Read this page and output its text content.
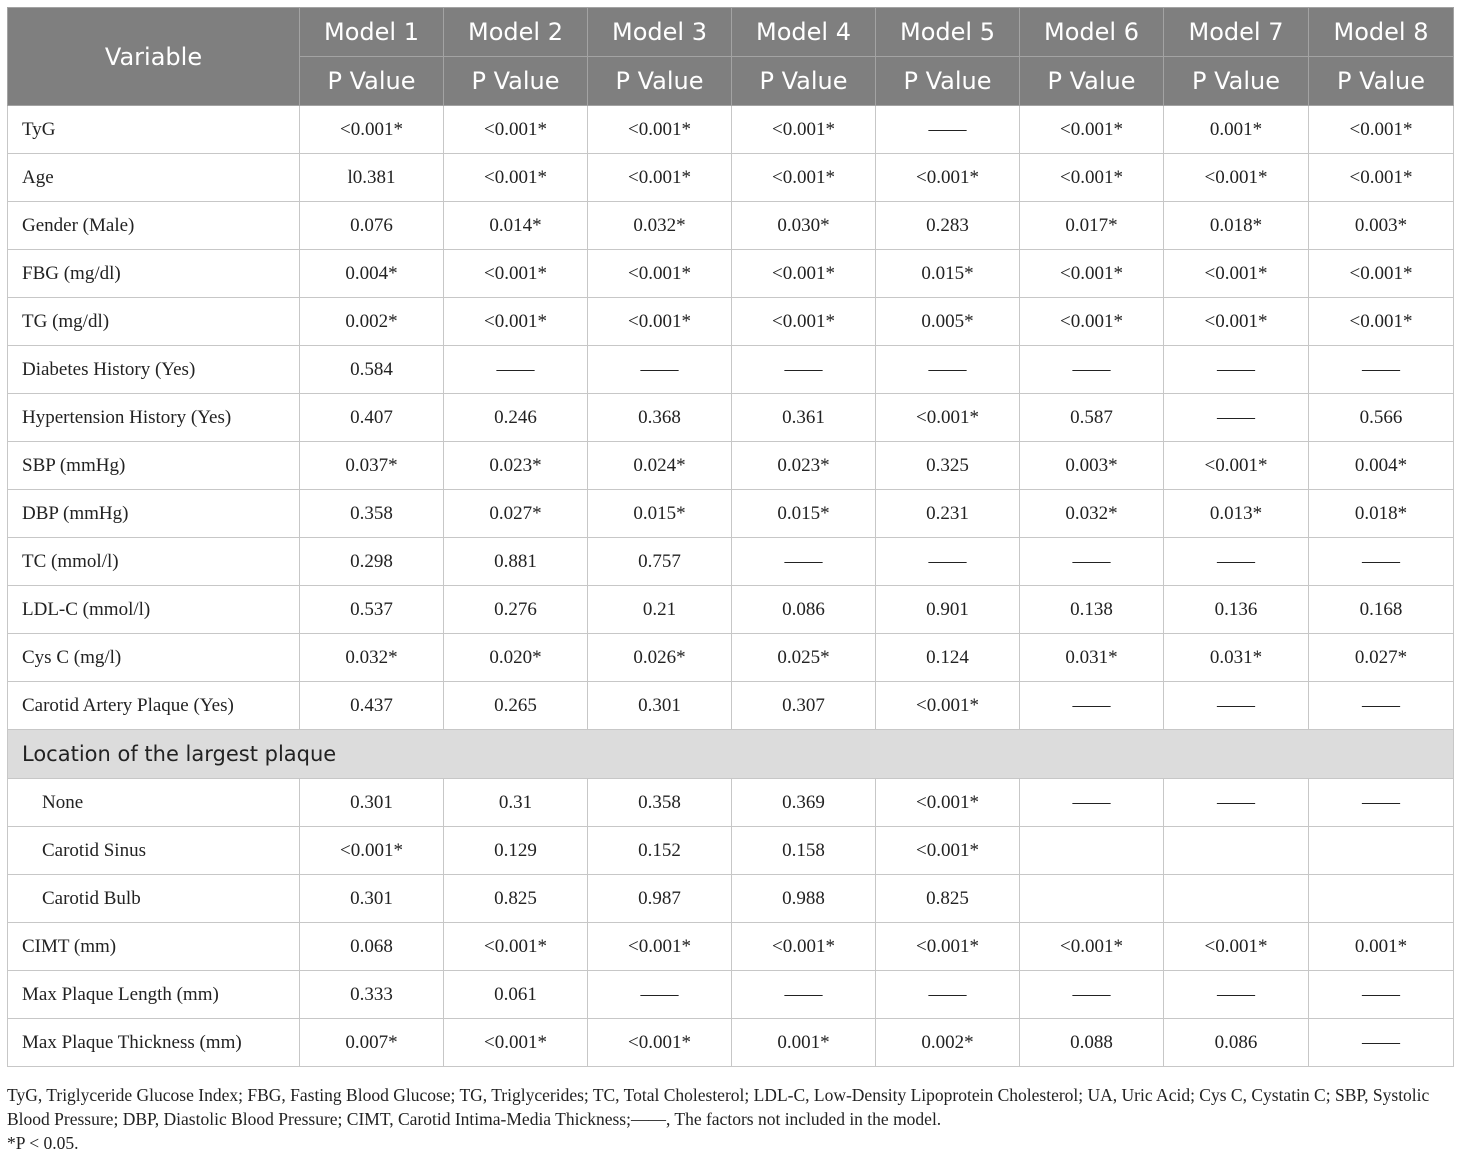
Variable	Model 1	Model 2	Model 3	Model 4	Model 5	Model 6	Model 7	Model 8
	P Value	P Value	P Value	P Value	P Value	P Value	P Value	P Value
TyG	<0.001*	<0.001*	<0.001*	<0.001*	——	<0.001*	0.001*	<0.001*
Age	l0.381	<0.001*	<0.001*	<0.001*	<0.001*	<0.001*	<0.001*	<0.001*
Gender (Male)	0.076	0.014*	0.032*	0.030*	0.283	0.017*	0.018*	0.003*
FBG (mg/dl)	0.004*	<0.001*	<0.001*	<0.001*	0.015*	<0.001*	<0.001*	<0.001*
TG (mg/dl)	0.002*	<0.001*	<0.001*	<0.001*	0.005*	<0.001*	<0.001*	<0.001*
Diabetes History (Yes)	0.584	——	——	——	——	——	——	——
Hypertension History (Yes)	0.407	0.246	0.368	0.361	<0.001*	0.587	——	0.566
SBP (mmHg)	0.037*	0.023*	0.024*	0.023*	0.325	0.003*	<0.001*	0.004*
DBP (mmHg)	0.358	0.027*	0.015*	0.015*	0.231	0.032*	0.013*	0.018*
TC (mmol/l)	0.298	0.881	0.757	——	——	——	——	——
LDL-C (mmol/l)	0.537	0.276	0.21	0.086	0.901	0.138	0.136	0.168
Cys C (mg/l)	0.032*	0.020*	0.026*	0.025*	0.124	0.031*	0.031*	0.027*
Carotid Artery Plaque (Yes)	0.437	0.265	0.301	0.307	<0.001*	——	——	——
Location of the largest plaque								
None	0.301	0.31	0.358	0.369	<0.001*	——	——	——
Carotid Sinus	<0.001*	0.129	0.152	0.158	<0.001*			
Carotid Bulb	0.301	0.825	0.987	0.988	0.825			
CIMT (mm)	0.068	<0.001*	<0.001*	<0.001*	<0.001*	<0.001*	<0.001*	0.001*
Max Plaque Length (mm)	0.333	0.061	——	——	——	——	——	——
Max Plaque Thickness (mm)	0.007*	<0.001*	<0.001*	0.001*	0.002*	0.088	0.086	——

TyG, Triglyceride Glucose Index; FBG, Fasting Blood Glucose; TG, Triglycerides; TC, Total Cholesterol; LDL-C, Low-Density Lipoprotein Cholesterol; UA, Uric Acid; Cys C, Cystatin C; SBP, Systolic Blood Pressure; DBP, Diastolic Blood Pressure; CIMT, Carotid Intima-Media Thickness;——, The factors not included in the model.

*P < 0.05.
